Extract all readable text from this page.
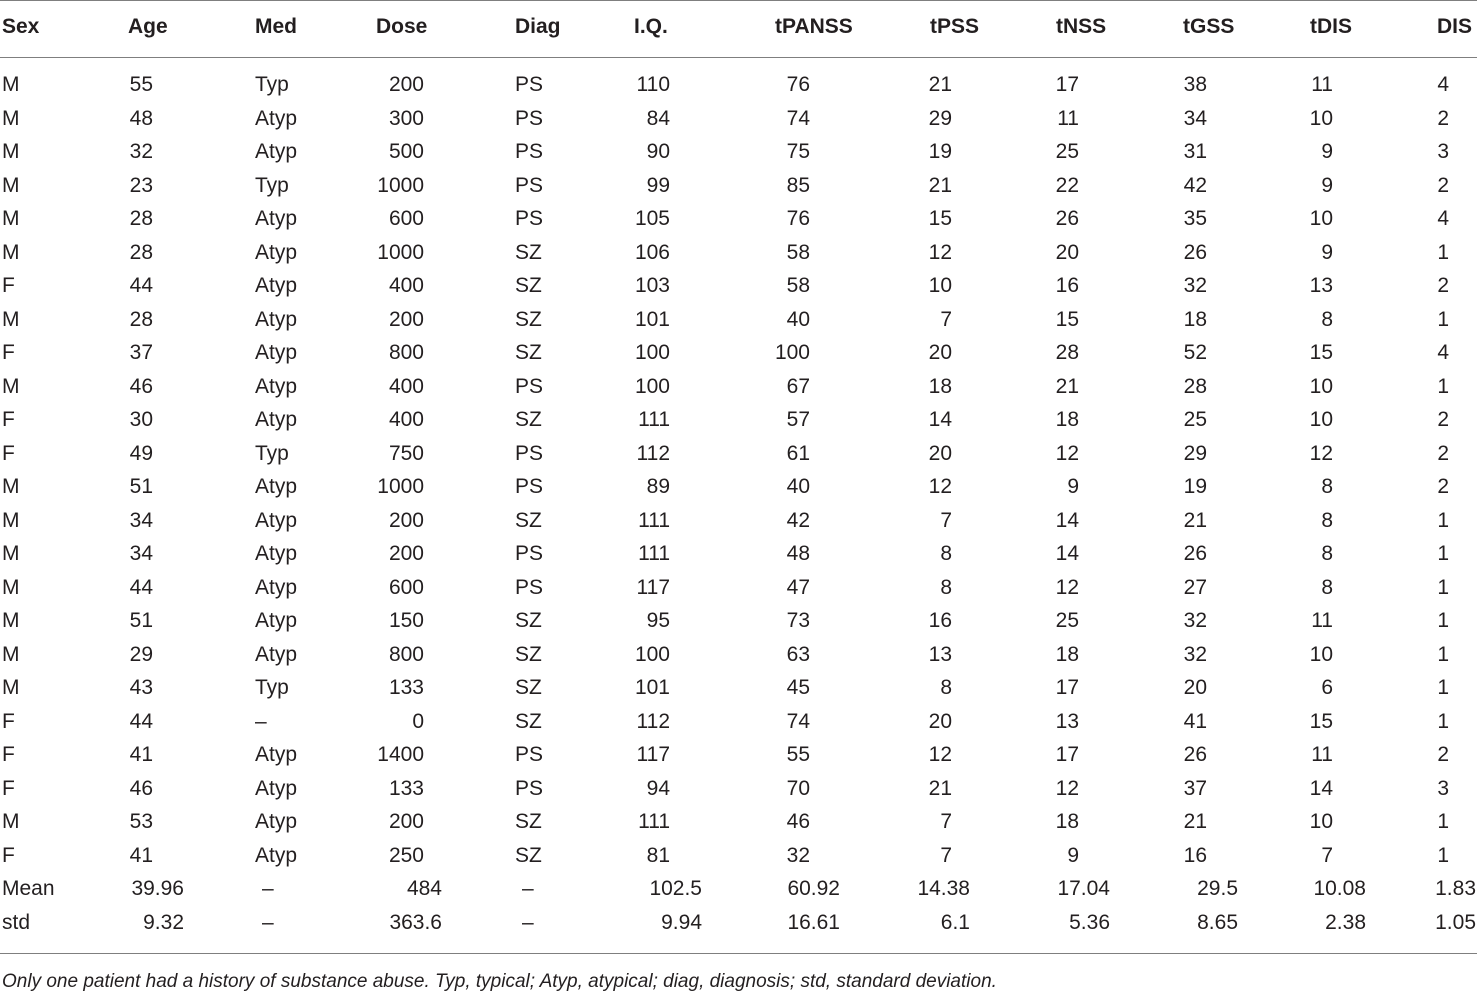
Sex	Age	Med	Dose	Diag	I.Q.	tPANSS	tPSS	tNSS	tGSS	tDIS	DIS
M	55	Typ	200	PS	110	76	21	17	38	11	4
M	48	Atyp	300	PS	84	74	29	11	34	10	2
M	32	Atyp	500	PS	90	75	19	25	31	9	3
M	23	Typ	1000	PS	99	85	21	22	42	9	2
M	28	Atyp	600	PS	105	76	15	26	35	10	4
M	28	Atyp	1000	SZ	106	58	12	20	26	9	1
F	44	Atyp	400	SZ	103	58	10	16	32	13	2
M	28	Atyp	200	SZ	101	40	7	15	18	8	1
F	37	Atyp	800	SZ	100	100	20	28	52	15	4
M	46	Atyp	400	PS	100	67	18	21	28	10	1
F	30	Atyp	400	SZ	111	57	14	18	25	10	2
F	49	Typ	750	PS	112	61	20	12	29	12	2
M	51	Atyp	1000	PS	89	40	12	9	19	8	2
M	34	Atyp	200	SZ	111	42	7	14	21	8	1
M	34	Atyp	200	PS	111	48	8	14	26	8	1
M	44	Atyp	600	PS	117	47	8	12	27	8	1
M	51	Atyp	150	SZ	95	73	16	25	32	11	1
M	29	Atyp	800	SZ	100	63	13	18	32	10	1
M	43	Typ	133	SZ	101	45	8	17	20	6	1
F	44	–	0	SZ	112	74	20	13	41	15	1
F	41	Atyp	1400	PS	117	55	12	17	26	11	2
F	46	Atyp	133	PS	94	70	21	12	37	14	3
M	53	Atyp	200	SZ	111	46	7	18	21	10	1
F	41	Atyp	250	SZ	81	32	7	9	16	7	1
Mean	39.96	–	484	–	102.5	60.92	14.38	17.04	29.5	10.08	1.83
std	9.32	–	363.6	–	9.94	16.61	6.1	5.36	8.65	2.38	1.05
Only one patient had a history of substance abuse. Typ, typical; Atyp, atypical; diag, diagnosis; std, standard deviation.
